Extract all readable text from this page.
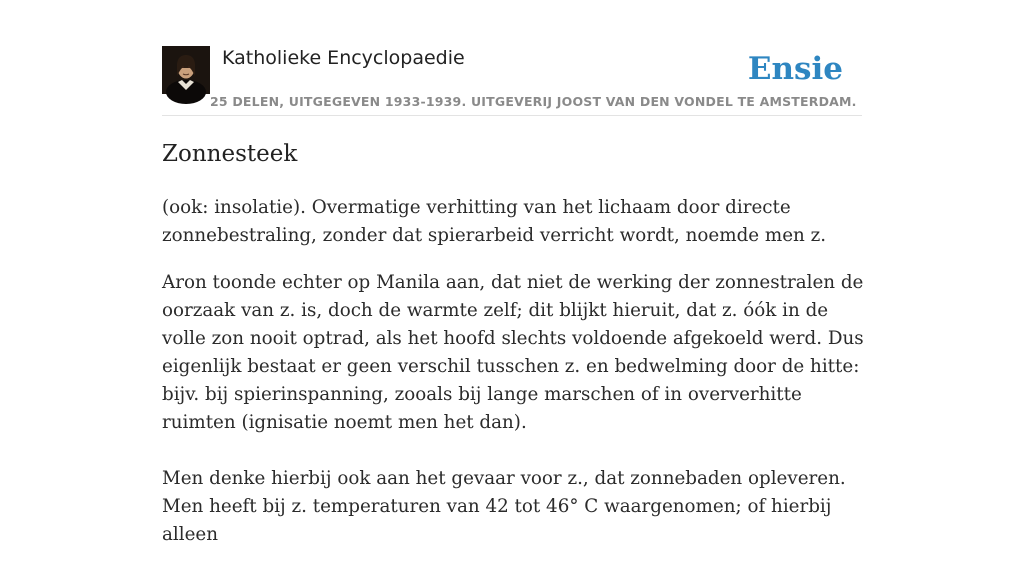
Katholieke Encyclopaedie
25 DELEN, UITGEGEVEN 1933-1939. UITGEVERIJ JOOST VAN DEN VONDEL TE AMSTERDAM.
Ensie
Zonnesteek

(ook: insolatie). Overmatige verhitting van het lichaam door directe zonnebestraling, zonder dat spierarbeid verricht wordt, noemde men z.

Aron toonde echter op Manila aan, dat niet de werking der zonnestralen de oorzaak van z. is, doch de warmte zelf; dit blijkt hieruit, dat z. óók in de volle zon nooit optrad, als het hoofd slechts voldoende afgekoeld werd. Dus eigenlijk bestaat er geen verschil tusschen z. en bedwelming door de hitte: bijv. bij spierinspanning, zooals bij lange marschen of in oververhitte ruimten (ignisatie noemt men het dan).

Men denke hierbij ook aan het gevaar voor z., dat zonnebaden opleveren. Men heeft bij z. temperaturen van 42 tot 46° C waargenomen; of hierbij alleen
